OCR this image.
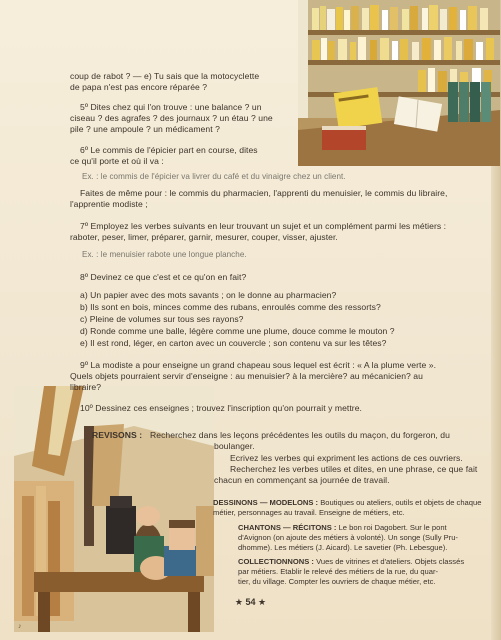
♪
coup de rabot ? — e) Tu sais que la motocyclette
de papa n'est pas encore réparée ?
5º Dites chez qui l'on trouve : une balance ? un
ciseau ? des agrafes ? des journaux ? un étau ? une
pile ? une ampoule ? un médicament ?
6º Le commis de l'épicier part en course, dites
ce qu'il porte et où il va :
Ex. : le commis de l'épicier va livrer du café et du vinaigre chez un client.
Faites de même pour : le commis du pharmacien, l'apprenti du menuisier, le commis du libraire,
l'apprentie modiste ;
7º Employez les verbes suivants en leur trouvant un sujet et un complément parmi les métiers :
raboter, peser, limer, préparer, garnir, mesurer, couper, visser, ajuster.
Ex. : le menuisier rabote une longue planche.
8º Devinez ce que c'est et ce qu'on en fait?
a) Un papier avec des mots savants ; on le donne au pharmacien?
b) Ils sont en bois, minces comme des rubans, enroulés comme des ressorts?
c) Pleine de volumes sur tous ses rayons?
d) Ronde comme une balle, légère comme une plume, douce comme le mouton ?
e) Il est rond, léger, en carton avec un couvercle ; son contenu va sur les têtes?
9º La modiste a pour enseigne un grand chapeau sous lequel est écrit : « A la plume verte ».
Quels objets pourraient servir d'enseigne : au menuisier? à la mercière? au mécanicien? au
libraire?
10º Dessinez ces enseignes ; trouvez l'inscription qu'on pourrait y mettre.
REVISONS : Recherchez dans les leçons précédentes les outils du maçon, du forgeron, du
boulanger.
Ecrivez les verbes qui expriment les actions de ces ouvriers.
Recherchez les verbes utiles et dites, en une phrase, ce que fait
chacun en commençant sa journée de travail.
DESSINONS — MODELONS : Boutiques ou ateliers, outils et objets de chaque
métier, personnages au travail. Enseigne de métiers, etc.
CHANTONS — RÉCITONS : Le bon roi Dagobert. Sur le pont
d'Avignon (on ajoute des métiers à volonté). Un songe (Sully Pru-
dhomme). Les métiers (J. Aicard). Le savetier (Ph. Lebesgue).
COLLECTIONNONS : Vues de vitrines et d'ateliers. Objets classés
par métiers. Etablir le relevé des métiers de la rue, du quar-
tier, du village. Compter les ouvriers de chaque métier, etc.
★ 54 ★
